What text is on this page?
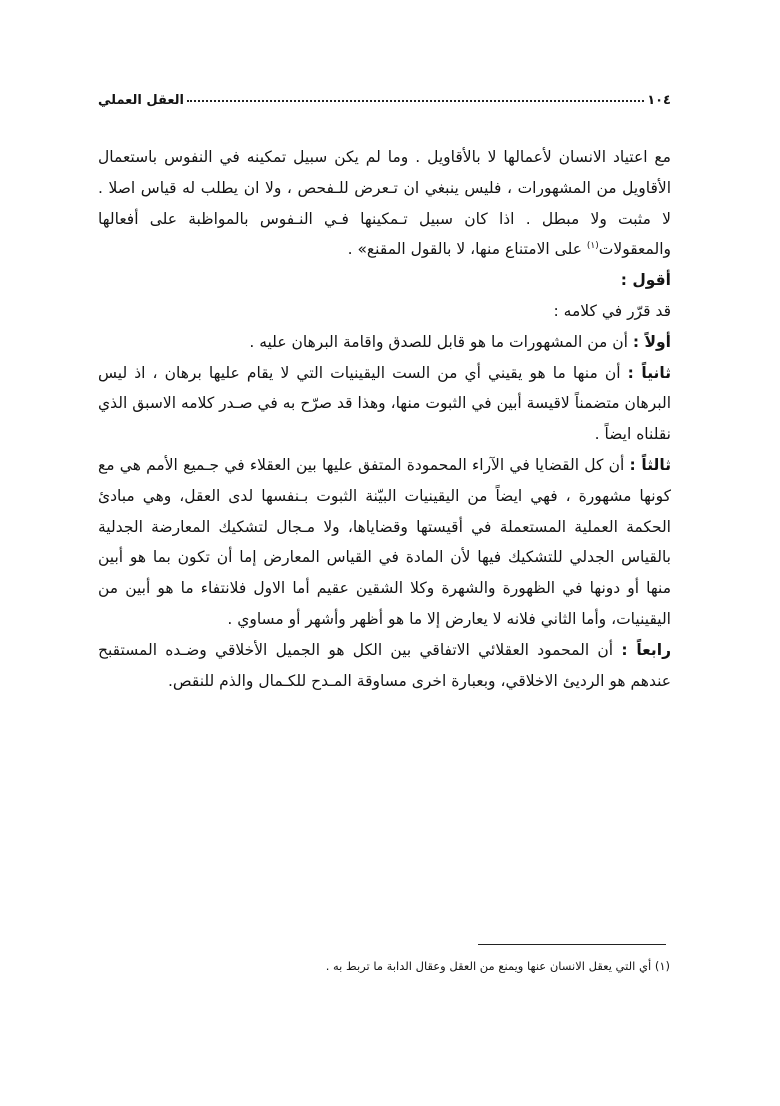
١٠٤
العقل العملي

مع اعتياد الانسان لأعمالها لا بالأقاويل . وما لم يكن سبيل تمكينه في النفوس باستعمال الأقاويل من المشهورات ، فليس ينبغي ان تـعرض للـفحص ، ولا ان يطلب له قياس اصلا . لا مثبت ولا مبطل . اذا كان سبيل تـمكينها فـي النـفوس بالمواظبة على أفعالها والمعقولات$^{(١)}$ على الامتناع منها، لا بالقول المقنع» .

أقول :

قد قرّر في كلامه :

أولاً : أن من المشهورات ما هو قابل للصدق واقامة البرهان عليه .

ثانياً : أن منها ما هو يقيني أي من الست اليقينيات التي لا يقام عليها برهان ، اذ ليس البرهان متضمناً لاقيسة أبين في الثبوت منها، وهذا قد صرّح به في صـدر كلامه الاسبق الذي نقلناه ايضاً .

ثالثاً : أن كل القضايا في الآراء المحمودة المتفق عليها بين العقلاء في جـميع الأمم هي مع كونها مشهورة ، فهي ايضاً من اليقينيات البيّنة الثبوت بـنفسها لدى العقل، وهي مبادئ الحكمة العملية المستعملة في أقيستها وقضاياها، ولا مـجال لتشكيك المعارضة الجدلية بالقياس الجدلي للتشكيك فيها لأن المادة في القياس المعارض إما أن تكون بما هو أبين منها أو دونها في الظهورة والشهرة وكلا الشقين عقيم أما الاول فلانتفاء ما هو أبين من اليقينيات، وأما الثاني فلانه لا يعارض إلا ما هو أظهر وأشهر أو مساوي .

رابعاً : أن المحمود العقلائي الاتفاقي بين الكل هو الجميل الأخلاقي وضـده المستقبح عندهم هو الرديئ الاخلاقي، وبعبارة اخرى مساوقة المـدح للكـمال والذم للنقص.

(١) أي التي يعقل الانسان عنها ويمنع من العقل وعقال الدابة ما تربط به .
